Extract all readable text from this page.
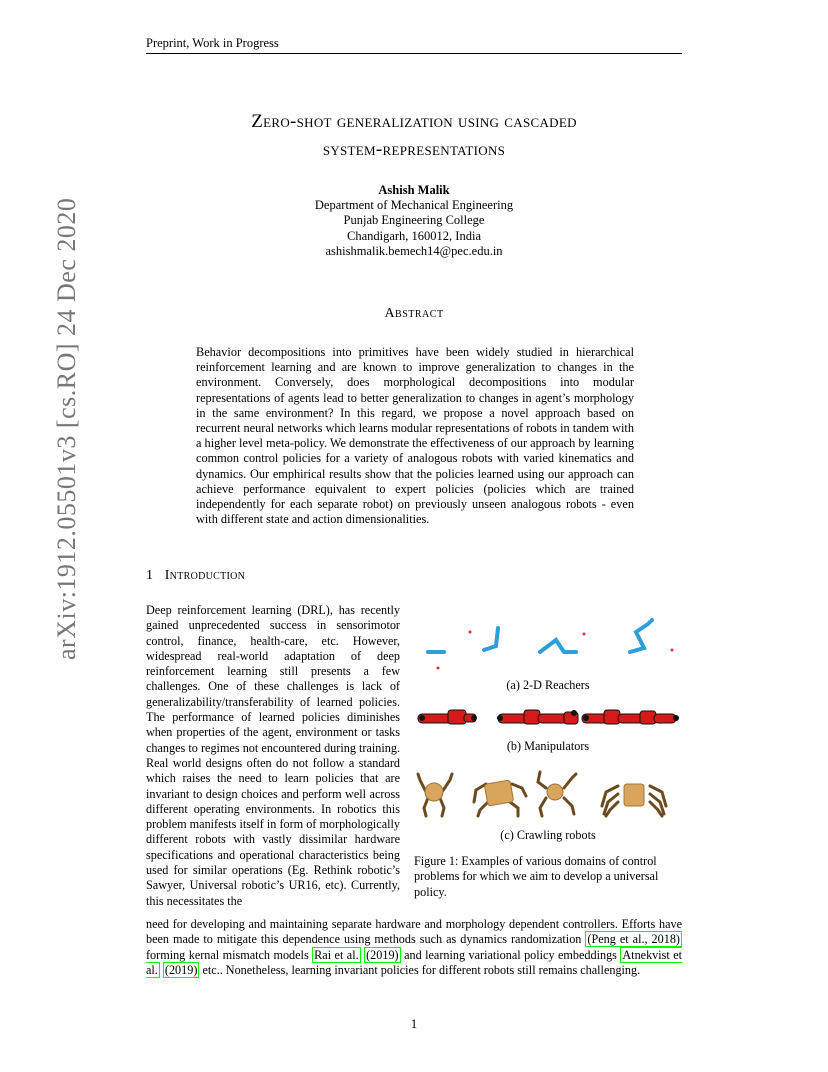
Preprint, Work in Progress
arXiv:1912.05501v3 [cs.RO] 24 Dec 2020
Zero-shot generalization using cascaded
system-representations
Ashish Malik
Department of Mechanical Engineering
Punjab Engineering College
Chandigarh, 160012, India
ashishmalik.bemech14@pec.edu.in
Abstract
Behavior decompositions into primitives have been widely studied in hierarchical reinforcement learning and are known to improve generalization to changes in the environment. Conversely, does morphological decompositions into modular representations of agents lead to better generalization to changes in agent’s morphology in the same environment? In this regard, we propose a novel approach based on recurrent neural networks which learns modular representations of robots in tandem with a higher level meta-policy. We demonstrate the effectiveness of our approach by learning common control policies for a variety of analogous robots with varied kinematics and dynamics. Our emphirical results show that the policies learned using our approach can achieve performance equivalent to expert policies (policies which are trained independently for each separate robot) on previously unseen analogous robots - even with different state and action dimensionalities.
1 Introduction
Deep reinforcement learning (DRL), has recently gained unprecedented success in sensorimotor control, finance, health-care, etc. However, widespread real-world adaptation of deep reinforcement learning still presents a few challenges. One of these challenges is lack of generalizability/transferability of learned policies. The performance of learned policies diminishes when properties of the agent, environment or tasks changes to regimes not encountered during training. Real world designs often do not follow a standard which raises the need to learn policies that are invariant to design choices and perform well across different operating environments. In robotics this problem manifests itself in form of morphologically different robots with vastly dissimilar hardware specifications and operational characteristics being used for similar operations (Eg. Rethink robotic’s Sawyer, Universal robotic’s UR16, etc). Currently, this necessitates the
(a) 2-D Reachers
(b) Manipulators
(c) Crawling robots
Figure 1: Examples of various domains of control problems for which we aim to develop a universal policy.
need for developing and maintaining separate hardware and morphology dependent controllers. Efforts have been made to mitigate this dependence using methods such as dynamics randomization (Peng et al., 2018) forming kernal mismatch models Rai et al. (2019) and learning variational policy embeddings Atnekvist et al. (2019) etc.. Nonetheless, learning invariant policies for different robots still remains challenging.
1
